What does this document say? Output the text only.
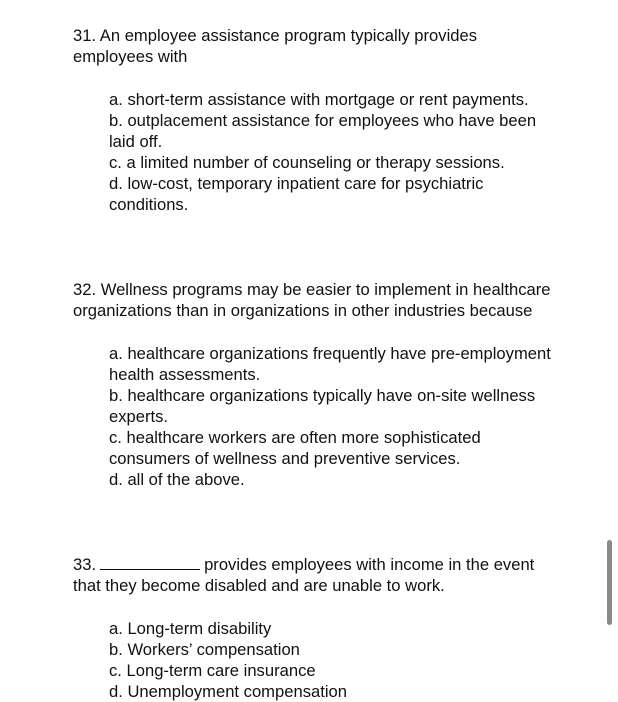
31. An employee assistance program typically provides employees with

a. short-term assistance with mortgage or rent payments.
b. outplacement assistance for employees who have been laid off.
c. a limited number of counseling or therapy sessions.
d. low-cost, temporary inpatient care for psychiatric conditions.

32. Wellness programs may be easier to implement in healthcare organizations than in organizations in other industries because

a. healthcare organizations frequently have pre-employment health assessments.
b. healthcare organizations typically have on-site wellness experts.
c. healthcare workers are often more sophisticated consumers of wellness and preventive services.
d. all of the above.

33.	provides employees with income in the event that they become disabled and are unable to work.

a. Long-term disability
b. Workers’ compensation
c. Long-term care insurance
d. Unemployment compensation
